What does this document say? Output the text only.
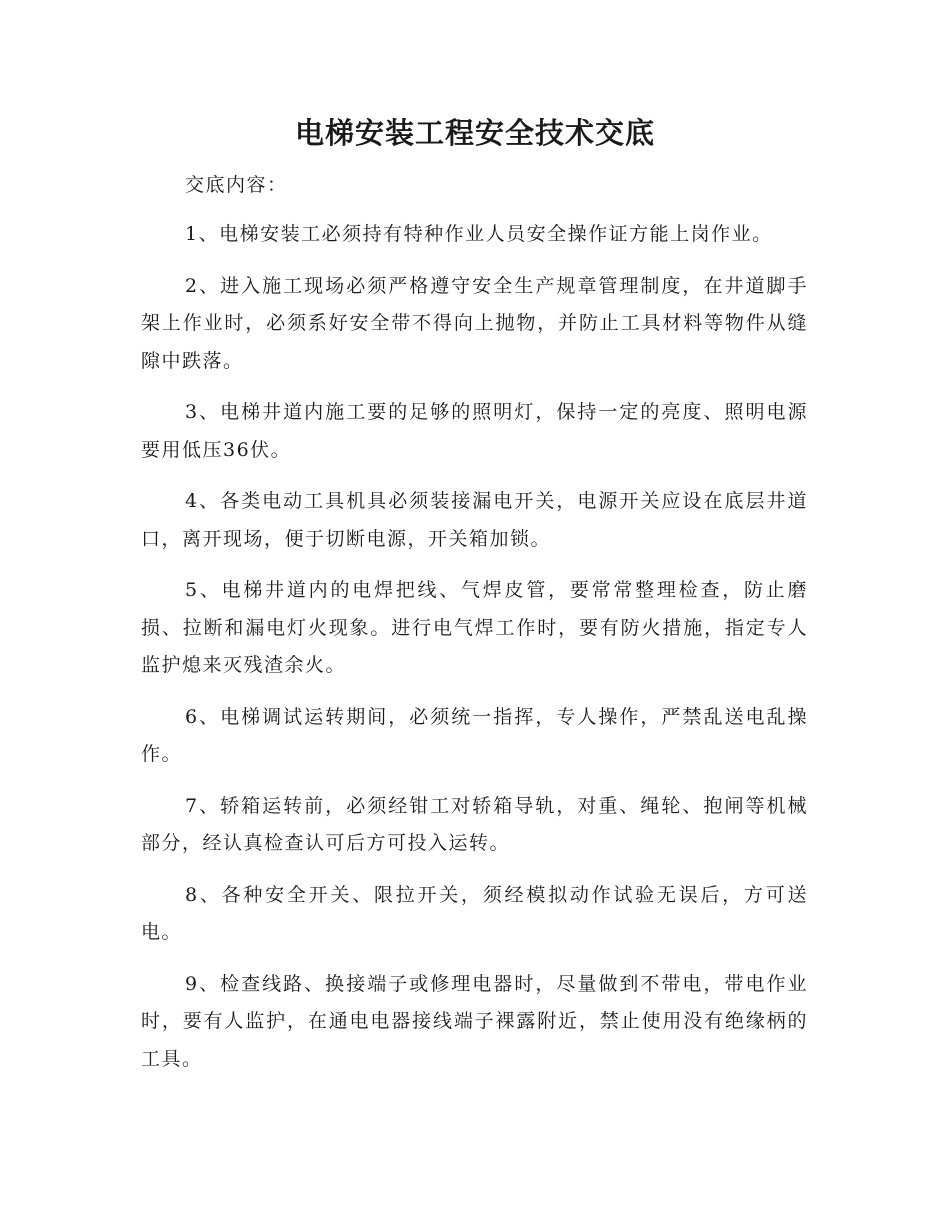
电梯安装工程安全技术交底

交底内容：

1、电梯安装工必须持有特种作业人员安全操作证方能上岗作业。

2、进入施工现场必须严格遵守安全生产规章管理制度，在井道脚手架上作业时，必须系好安全带不得向上抛物，并防止工具材料等物件从缝隙中跌落。

3、电梯井道内施工要的足够的照明灯，保持一定的亮度、照明电源要用低压36伏。

4、各类电动工具机具必须装接漏电开关，电源开关应设在底层井道口，离开现场，便于切断电源，开关箱加锁。

5、电梯井道内的电焊把线、气焊皮管，要常常整理检查，防止磨损、拉断和漏电灯火现象。进行电气焊工作时，要有防火措施，指定专人监护熄来灭残渣余火。

6、电梯调试运转期间，必须统一指挥，专人操作，严禁乱送电乱操作。

7、轿箱运转前，必须经钳工对轿箱导轨，对重、绳轮、抱闸等机械部分，经认真检查认可后方可投入运转。

8、各种安全开关、限拉开关，须经模拟动作试验无误后，方可送电。

9、检查线路、换接端子或修理电器时，尽量做到不带电，带电作业时，要有人监护，在通电电器接线端子裸露附近，禁止使用没有绝缘柄的工具。
